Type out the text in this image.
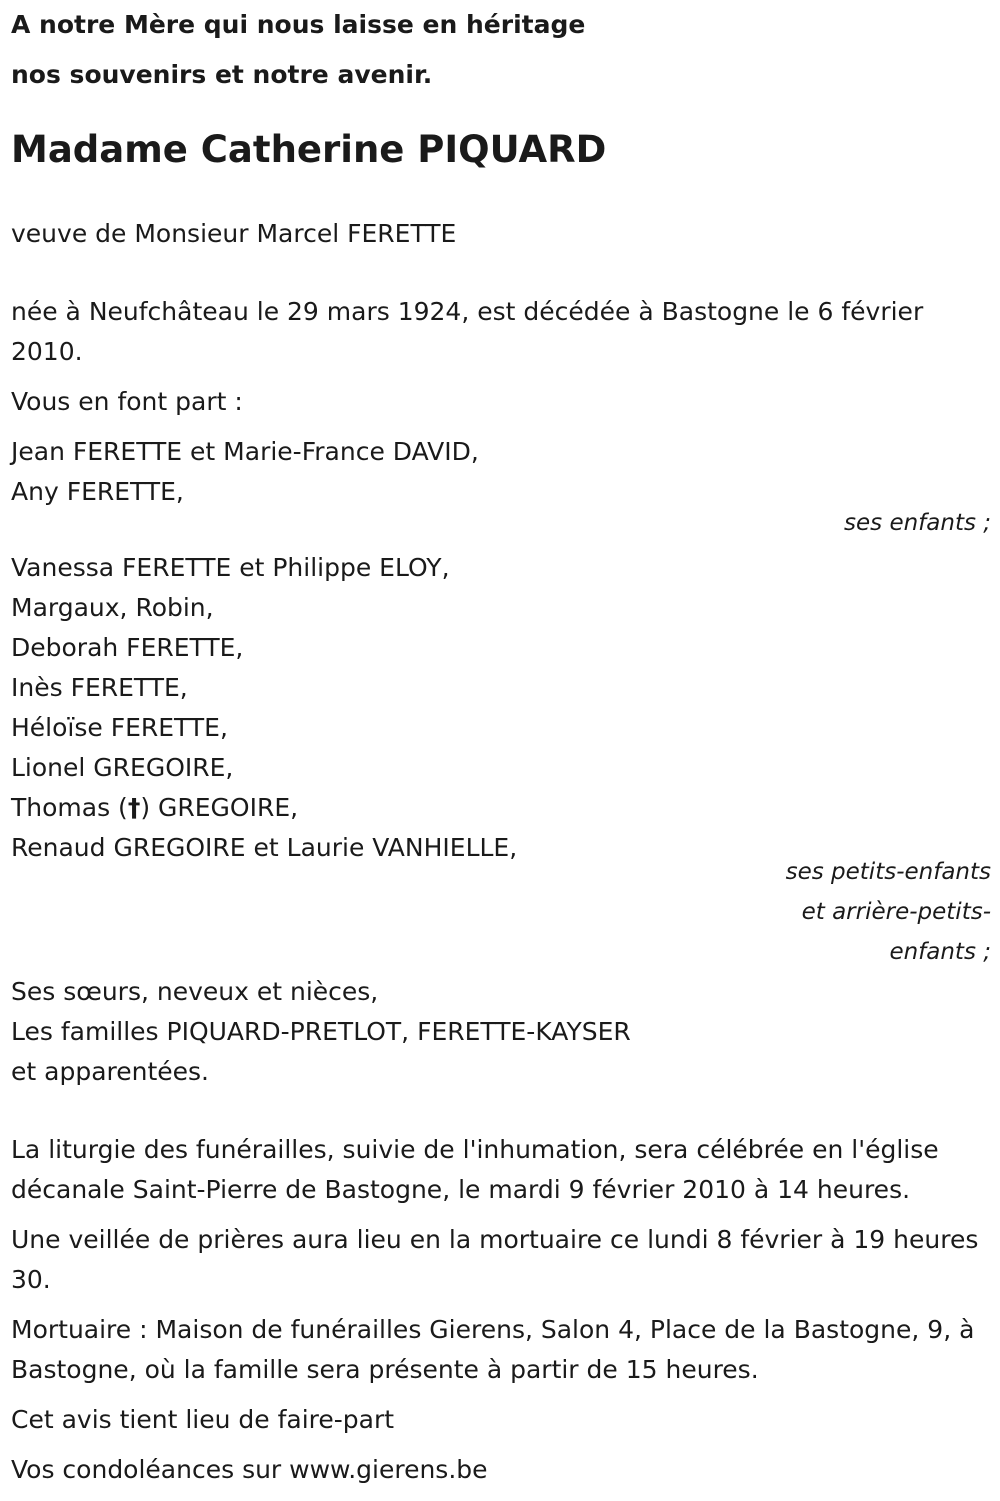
A notre Mère qui nous laisse en héritage
nos souvenirs et notre avenir.
Madame Catherine PIQUARD
veuve de Monsieur Marcel FERETTE
née à Neufchâteau le 29 mars 1924, est décédée à Bastogne le 6 février 2010.
Vous en font part :
Jean FERETTE et Marie-France DAVID,
Any FERETTE,
ses enfants ;
Vanessa FERETTE et Philippe ELOY,
Margaux, Robin,
Deborah FERETTE,
Inès FERETTE,
Héloïse FERETTE,
Lionel GREGOIRE,
Thomas (†) GREGOIRE,
Renaud GREGOIRE et Laurie VANHIELLE,
ses petits-enfants
et arrière-petits-
enfants ;
Ses sœurs, neveux et nièces,
Les familles PIQUARD-PRETLOT, FERETTE-KAYSER
et apparentées.
La liturgie des funérailles, suivie de l'inhumation, sera célébrée en l'église décanale Saint-Pierre de Bastogne, le mardi 9 février 2010 à 14 heures.
Une veillée de prières aura lieu en la mortuaire ce lundi 8 février à 19 heures 30.
Mortuaire : Maison de funérailles Gierens, Salon 4, Place de la Bastogne, 9, à Bastogne, où la famille sera présente à partir de 15 heures.
Cet avis tient lieu de faire-part
Vos condoléances sur www.gierens.be
